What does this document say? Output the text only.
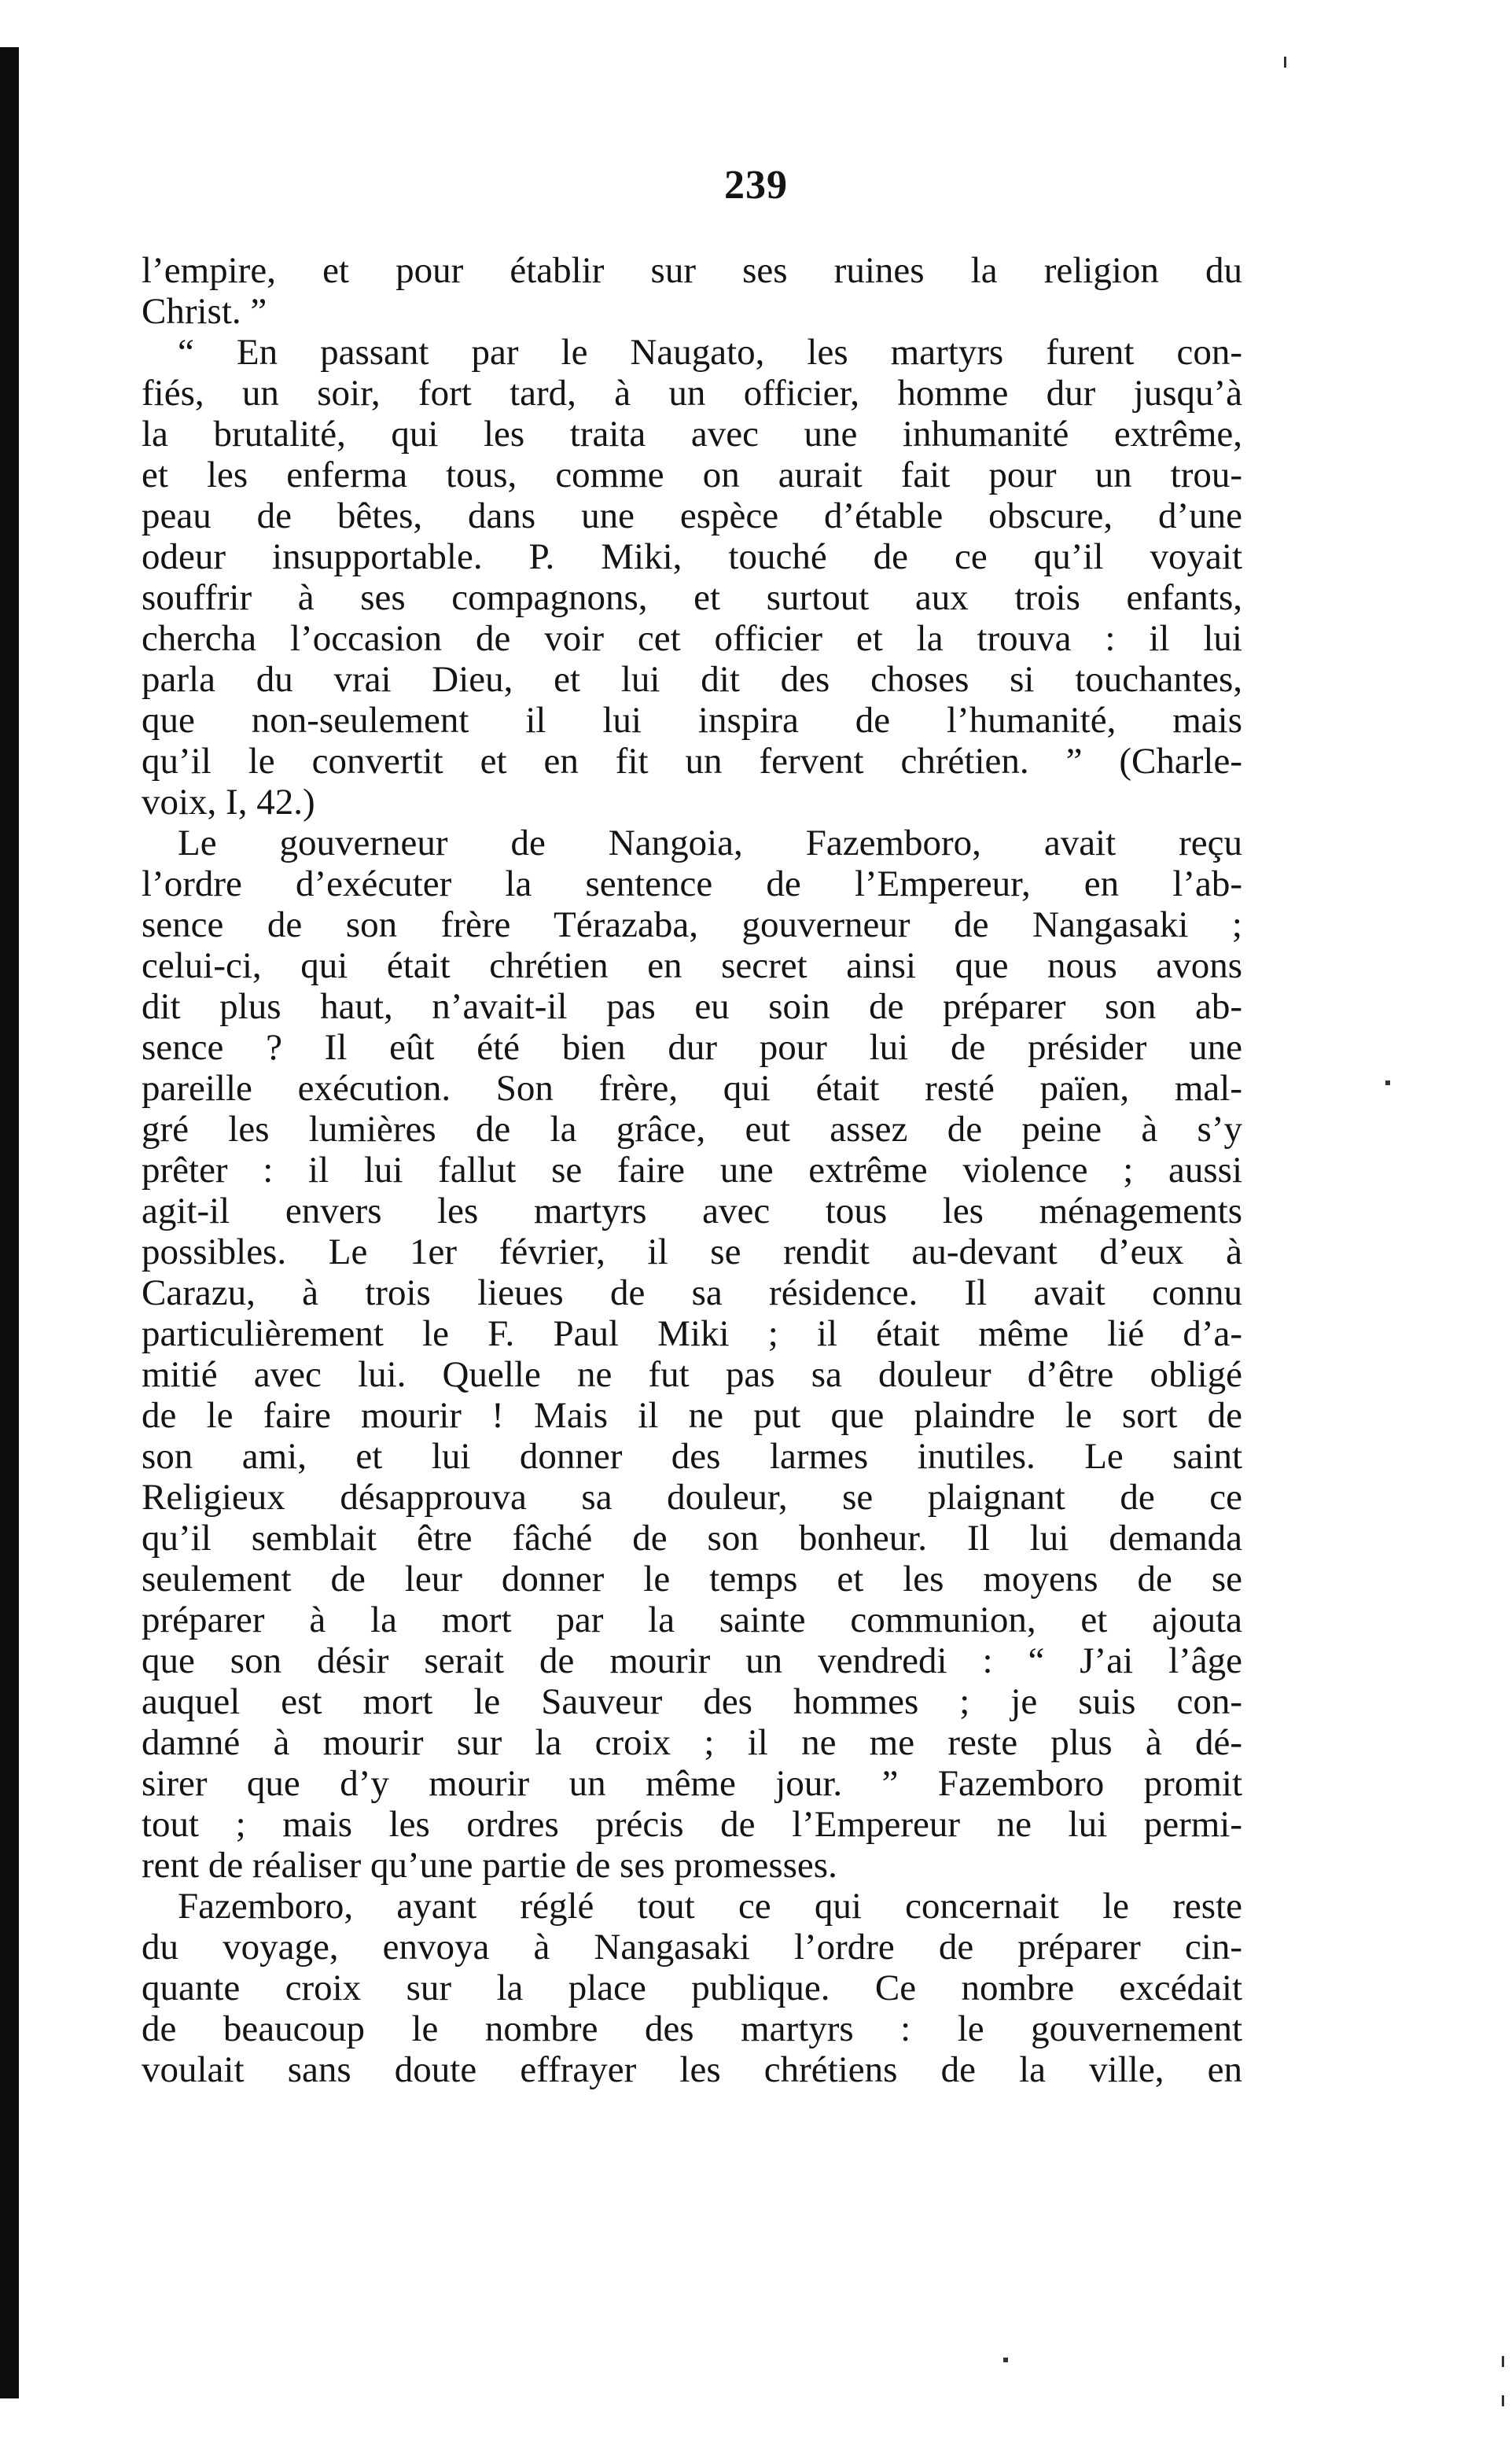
239
l’empire, et pour établir sur ses ruines la religion du
Christ. ”
“ En passant par le Naugato, les martyrs furent con-
fiés, un soir, fort tard, à un officier, homme dur jusqu’à
la brutalité, qui les traita avec une inhumanité extrême,
et les enferma tous, comme on aurait fait pour un trou-
peau de bêtes, dans une espèce d’étable obscure, d’une
odeur insupportable. P. Miki, touché de ce qu’il voyait
souffrir à ses compagnons, et surtout aux trois enfants,
chercha l’occasion de voir cet officier et la trouva : il lui
parla du vrai Dieu, et lui dit des choses si touchantes,
que non-seulement il lui inspira de l’humanité, mais
qu’il le convertit et en fit un fervent chrétien. ” (Charle-
voix, I, 42.)
Le gouverneur de Nangoia, Fazemboro, avait reçu
l’ordre d’exécuter la sentence de l’Empereur, en l’ab-
sence de son frère Térazaba, gouverneur de Nangasaki ;
celui-ci, qui était chrétien en secret ainsi que nous avons
dit plus haut, n’avait-il pas eu soin de préparer son ab-
sence ? Il eût été bien dur pour lui de présider une
pareille exécution. Son frère, qui était resté païen, mal-
gré les lumières de la grâce, eut assez de peine à s’y
prêter : il lui fallut se faire une extrême violence ; aussi
agit-il envers les martyrs avec tous les ménagements
possibles. Le 1er février, il se rendit au-devant d’eux à
Carazu, à trois lieues de sa résidence. Il avait connu
particulièrement le F. Paul Miki ; il était même lié d’a-
mitié avec lui. Quelle ne fut pas sa douleur d’être obligé
de le faire mourir ! Mais il ne put que plaindre le sort de
son ami, et lui donner des larmes inutiles. Le saint
Religieux désapprouva sa douleur, se plaignant de ce
qu’il semblait être fâché de son bonheur. Il lui demanda
seulement de leur donner le temps et les moyens de se
préparer à la mort par la sainte communion, et ajouta
que son désir serait de mourir un vendredi : “ J’ai l’âge
auquel est mort le Sauveur des hommes ; je suis con-
damné à mourir sur la croix ; il ne me reste plus à dé-
sirer que d’y mourir un même jour. ” Fazemboro promit
tout ; mais les ordres précis de l’Empereur ne lui permi-
rent de réaliser qu’une partie de ses promesses.
Fazemboro, ayant réglé tout ce qui concernait le reste
du voyage, envoya à Nangasaki l’ordre de préparer cin-
quante croix sur la place publique. Ce nombre excédait
de beaucoup le nombre des martyrs : le gouvernement
voulait sans doute effrayer les chrétiens de la ville, en
